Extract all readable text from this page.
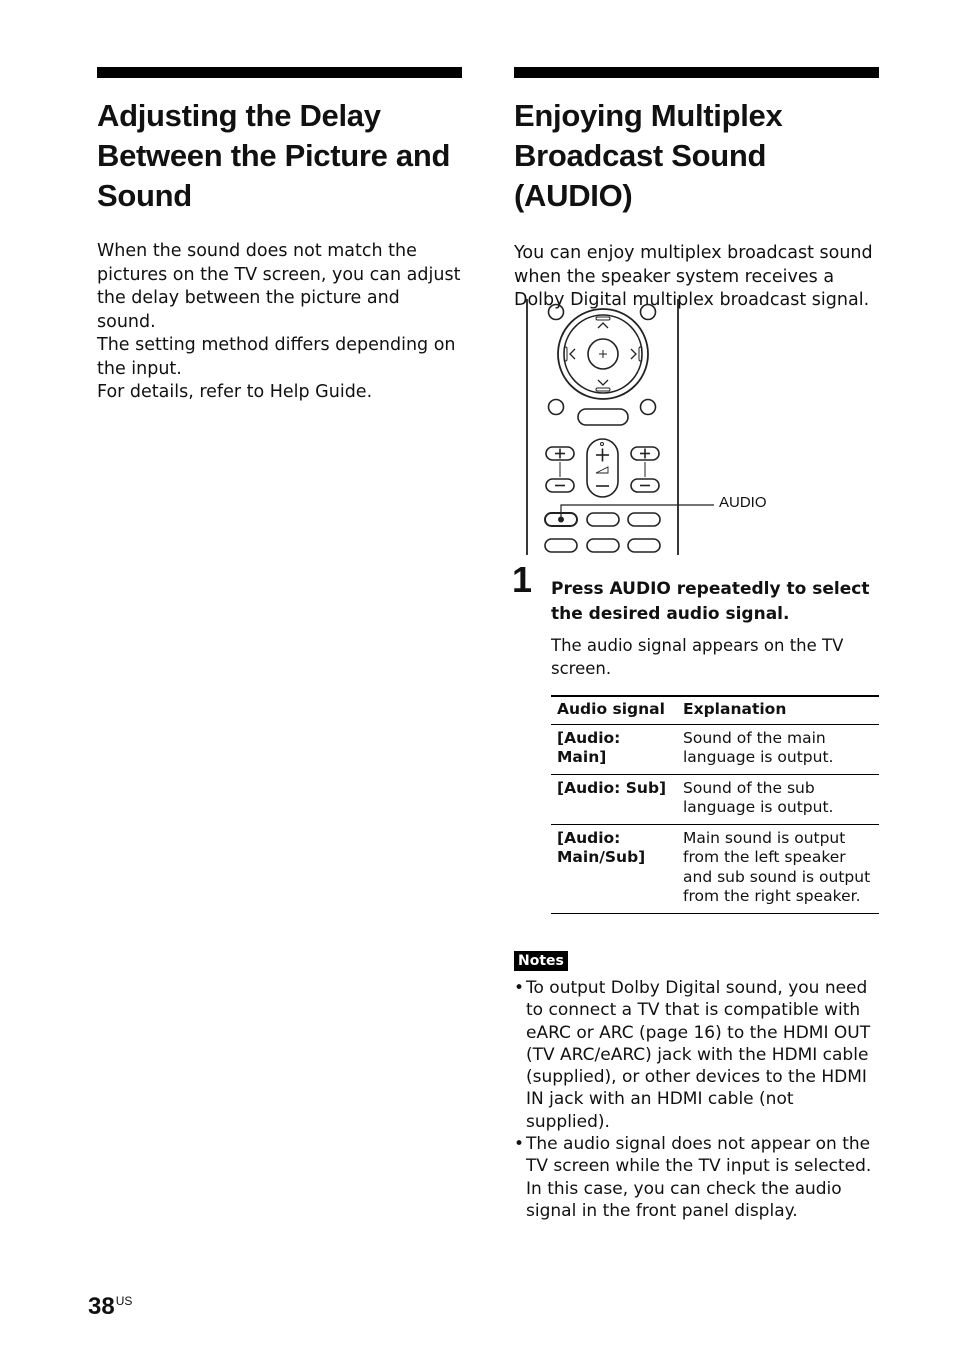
Adjusting the Delay Between the Picture and Sound

When the sound does not match the pictures on the TV screen, you can adjust the delay between the picture and sound.

The setting method differs depending on the input.

For details, refer to Help Guide.

Enjoying Multiplex Broadcast Sound (AUDIO)

You can enjoy multiplex broadcast sound when the speaker system receives a Dolby Digital multiplex broadcast signal.

AUDIO
1 Press AUDIO repeatedly to select the desired audio signal.

The audio signal appears on the TV screen.

Audio signal	Explanation
[Audio: Main]	Sound of the main language is output.
[Audio: Sub]	Sound of the sub language is output.
[Audio: Main/Sub]	Main sound is output from the left speaker and sub sound is output from the right speaker.
Notes
• To output Dolby Digital sound, you need to connect a TV that is compatible with eARC or ARC (page 16) to the HDMI OUT (TV ARC/eARC) jack with the HDMI cable (supplied), or other devices to the HDMI IN jack with an HDMI cable (not supplied).
• The audio signal does not appear on the TV screen while the TV input is selected. In this case, you can check the audio signal in the front panel display.
$38^{US}$
